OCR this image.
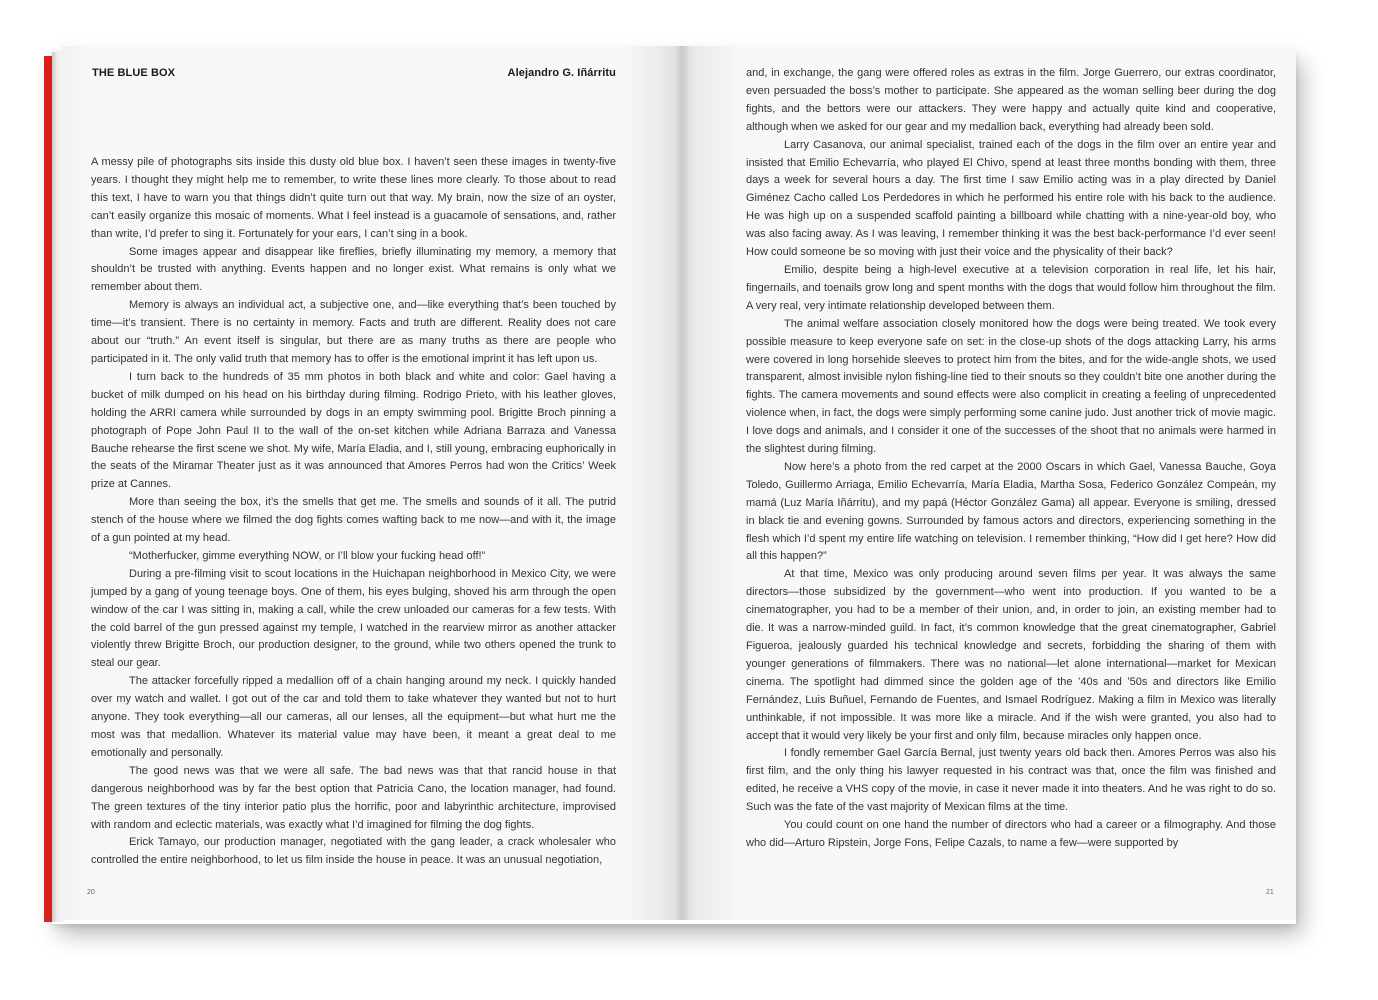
THE BLUE BOX	Alejandro G. Iñárritu

A messy pile of photographs sits inside this dusty old blue box. I haven’t seen these images in twenty-five years. I thought they might help me to remember, to write these lines more clearly. To those about to read this text, I have to warn you that things didn’t quite turn out that way. My brain, now the size of an oyster, can’t easily organize this mosaic of moments. What I feel instead is a guacamole of sensations, and, rather than write, I’d prefer to sing it. Fortunately for your ears, I can’t sing in a book.

Some images appear and disappear like fireflies, briefly illuminating my memory, a memory that shouldn’t be trusted with anything. Events happen and no longer exist. What remains is only what we remember about them.

Memory is always an individual act, a subjective one, and—like everything that’s been touched by time—it’s transient. There is no certainty in memory. Facts and truth are different. Reality does not care about our “truth.” An event itself is singular, but there are as many truths as there are people who participated in it. The only valid truth that memory has to offer is the emotional imprint it has left upon us.

I turn back to the hundreds of 35 mm photos in both black and white and color: Gael having a bucket of milk dumped on his head on his birthday during filming. Rodrigo Prieto, with his leather gloves, holding the ARRI camera while surrounded by dogs in an empty swimming pool. Brigitte Broch pinning a photograph of Pope John Paul II to the wall of the on-set kitchen while Adriana Barraza and Vanessa Bauche rehearse the first scene we shot. My wife, María Eladia, and I, still young, embracing euphorically in the seats of the Miramar Theater just as it was announced that Amores Perros had won the Critics’ Week prize at Cannes.

More than seeing the box, it’s the smells that get me. The smells and sounds of it all. The putrid stench of the house where we filmed the dog fights comes wafting back to me now—and with it, the image of a gun pointed at my head.

“Motherfucker, gimme everything NOW, or I’ll blow your fucking head off!”

During a pre-filming visit to scout locations in the Huichapan neighborhood in Mexico City, we were jumped by a gang of young teenage boys. One of them, his eyes bulging, shoved his arm through the open window of the car I was sitting in, making a call, while the crew unloaded our cameras for a few tests. With the cold barrel of the gun pressed against my temple, I watched in the rearview mirror as another attacker violently threw Brigitte Broch, our production designer, to the ground, while two others opened the trunk to steal our gear.

The attacker forcefully ripped a medallion off of a chain hanging around my neck. I quickly handed over my watch and wallet. I got out of the car and told them to take whatever they wanted but not to hurt anyone. They took everything—all our cameras, all our lenses, all the equipment—but what hurt me the most was that medallion. Whatever its material value may have been, it meant a great deal to me emotionally and personally.

The good news was that we were all safe. The bad news was that that rancid house in that dangerous neighborhood was by far the best option that Patricia Cano, the location manager, had found. The green textures of the tiny interior patio plus the horrific, poor and labyrinthic architecture, improvised with random and eclectic materials, was exactly what I’d imagined for filming the dog fights.

Erick Tamayo, our production manager, negotiated with the gang leader, a crack wholesaler who controlled the entire neighborhood, to let us film inside the house in peace. It was an unusual negotiation,

and, in exchange, the gang were offered roles as extras in the film. Jorge Guerrero, our extras coordinator, even persuaded the boss’s mother to participate. She appeared as the woman selling beer during the dog fights, and the bettors were our attackers. They were happy and actually quite kind and cooperative, although when we asked for our gear and my medallion back, everything had already been sold.

Larry Casanova, our animal specialist, trained each of the dogs in the film over an entire year and insisted that Emilio Echevarría, who played El Chivo, spend at least three months bonding with them, three days a week for several hours a day. The first time I saw Emilio acting was in a play directed by Daniel Giménez Cacho called Los Perdedores in which he performed his entire role with his back to the audience. He was high up on a suspended scaffold painting a billboard while chatting with a nine-year-old boy, who was also facing away. As I was leaving, I remember thinking it was the best back-performance I’d ever seen! How could someone be so moving with just their voice and the physicality of their back?

Emilio, despite being a high-level executive at a television corporation in real life, let his hair, fingernails, and toenails grow long and spent months with the dogs that would follow him throughout the film. A very real, very intimate relationship developed between them.

The animal welfare association closely monitored how the dogs were being treated. We took every possible measure to keep everyone safe on set: in the close-up shots of the dogs attacking Larry, his arms were covered in long horsehide sleeves to protect him from the bites, and for the wide-angle shots, we used transparent, almost invisible nylon fishing-line tied to their snouts so they couldn’t bite one another during the fights. The camera movements and sound effects were also complicit in creating a feeling of unprecedented violence when, in fact, the dogs were simply performing some canine judo. Just another trick of movie magic. I love dogs and animals, and I consider it one of the successes of the shoot that no animals were harmed in the slightest during filming.

Now here’s a photo from the red carpet at the 2000 Oscars in which Gael, Vanessa Bauche, Goya Toledo, Guillermo Arriaga, Emilio Echevarría, María Eladia, Martha Sosa, Federico González Compeán, my mamá (Luz María Iñárritu), and my papá (Héctor González Gama) all appear. Everyone is smiling, dressed in black tie and evening gowns. Surrounded by famous actors and directors, experiencing something in the flesh which I’d spent my entire life watching on television. I remember thinking, “How did I get here? How did all this happen?”

At that time, Mexico was only producing around seven films per year. It was always the same directors—those subsidized by the government—who went into production. If you wanted to be a cinematographer, you had to be a member of their union, and, in order to join, an existing member had to die. It was a narrow-minded guild. In fact, it’s common knowledge that the great cinematographer, Gabriel Figueroa, jealously guarded his technical knowledge and secrets, forbidding the sharing of them with younger generations of filmmakers. There was no national—let alone international—market for Mexican cinema. The spotlight had dimmed since the golden age of the ’40s and ’50s and directors like Emilio Fernández, Luis Buñuel, Fernando de Fuentes, and Ismael Rodríguez. Making a film in Mexico was literally unthinkable, if not impossible. It was more like a miracle. And if the wish were granted, you also had to accept that it would very likely be your first and only film, because miracles only happen once.

I fondly remember Gael García Bernal, just twenty years old back then. Amores Perros was also his first film, and the only thing his lawyer requested in his contract was that, once the film was finished and edited, he receive a VHS copy of the movie, in case it never made it into theaters. And he was right to do so. Such was the fate of the vast majority of Mexican films at the time.

You could count on one hand the number of directors who had a career or a filmography. And those who did—Arturo Ripstein, Jorge Fons, Felipe Cazals, to name a few—were supported by

20	21
